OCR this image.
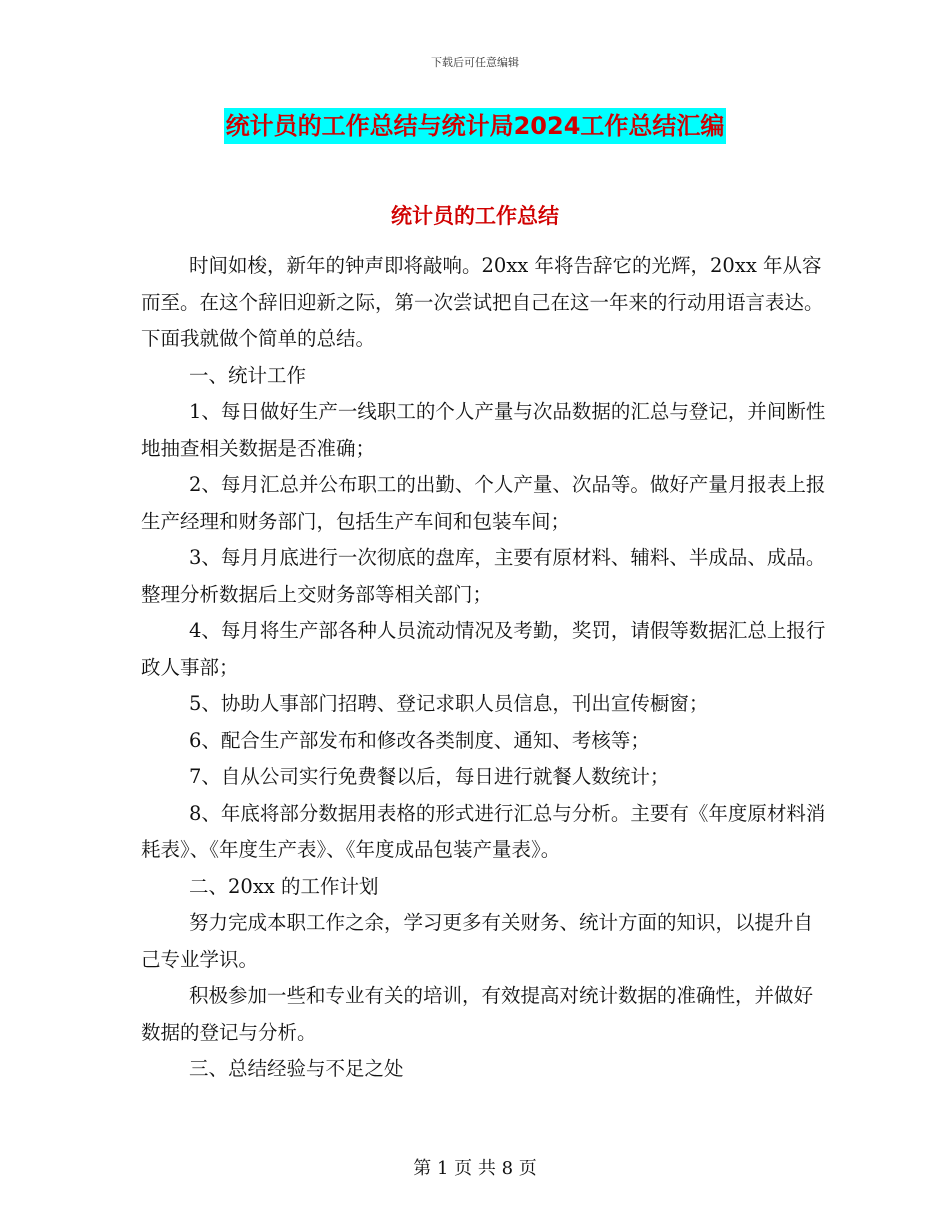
下载后可任意编辑
统计员的工作总结与统计局2024工作总结汇编
统计员的工作总结

时间如梭，新年的钟声即将敲响。20xx 年将告辞它的光辉，20xx 年从容而至。在这个辞旧迎新之际，第一次尝试把自己在这一年来的行动用语言表达。下面我就做个简单的总结。

一、统计工作

1、每日做好生产一线职工的个人产量与次品数据的汇总与登记，并间断性地抽查相关数据是否准确；

2、每月汇总并公布职工的出勤、个人产量、次品等。做好产量月报表上报生产经理和财务部门，包括生产车间和包装车间；

3、每月月底进行一次彻底的盘库，主要有原材料、辅料、半成品、成品。整理分析数据后上交财务部等相关部门；

4、每月将生产部各种人员流动情况及考勤，奖罚，请假等数据汇总上报行政人事部；

5、协助人事部门招聘、登记求职人员信息，刊出宣传橱窗；

6、配合生产部发布和修改各类制度、通知、考核等；

7、自从公司实行免费餐以后，每日进行就餐人数统计；

8、年底将部分数据用表格的形式进行汇总与分析。主要有《年度原材料消耗表》、《年度生产表》、《年度成品包装产量表》。

二、20xx 的工作计划

努力完成本职工作之余，学习更多有关财务、统计方面的知识，以提升自己专业学识。

积极参加一些和专业有关的培训，有效提高对统计数据的准确性，并做好数据的登记与分析。

三、总结经验与不足之处

第 1 页 共 8 页
